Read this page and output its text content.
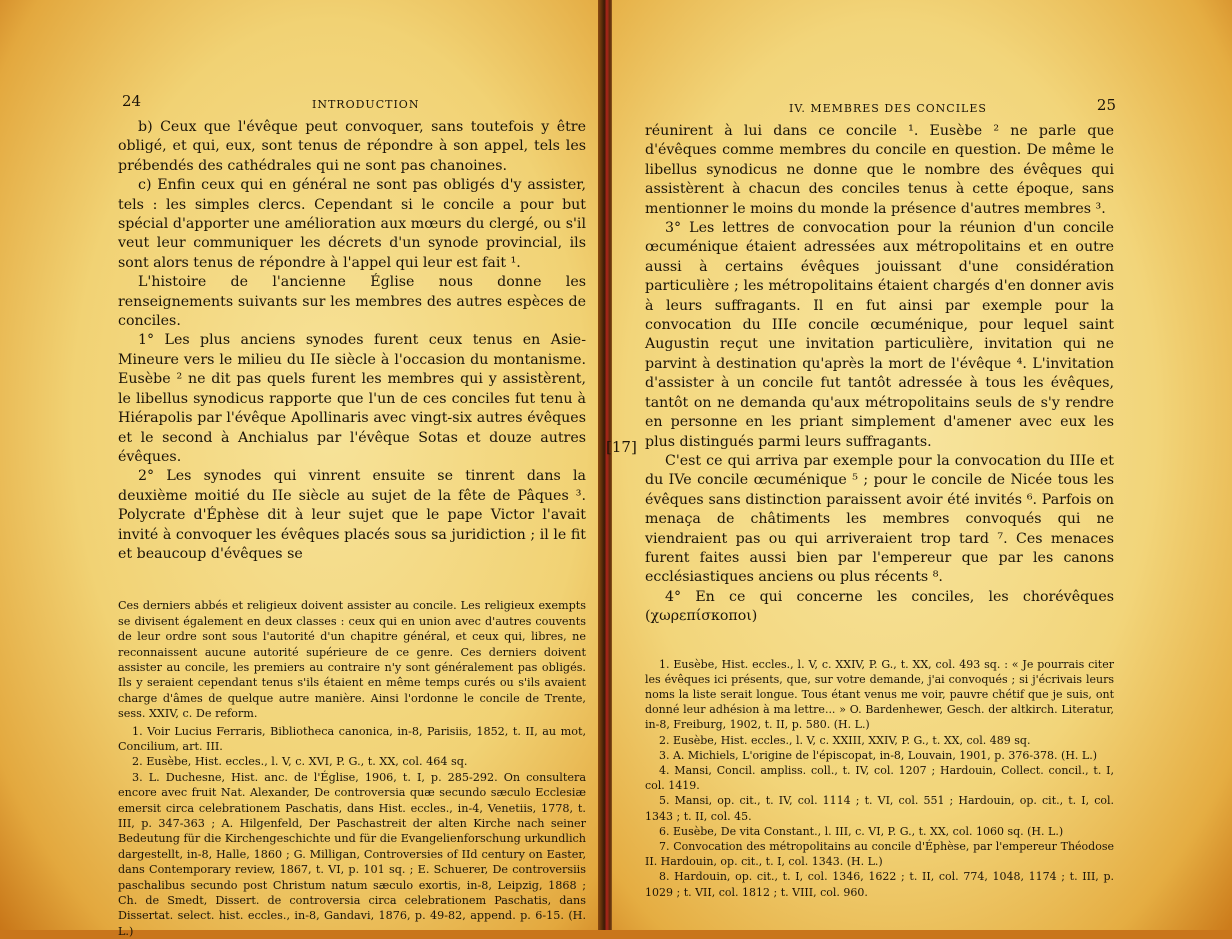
24	INTRODUCTION

b) Ceux que l'évêque peut convoquer, sans toutefois y être obligé, et qui, eux, sont tenus de répondre à son appel, tels les prébendés des cathédrales qui ne sont pas chanoines.

c) Enfin ceux qui en général ne sont pas obligés d'y assister, tels : les simples clercs. Cependant si le concile a pour but spécial d'apporter une amélioration aux mœurs du clergé, ou s'il veut leur communiquer les décrets d'un synode provincial, ils sont alors tenus de répondre à l'appel qui leur est fait ¹.

L'histoire de l'ancienne Église nous donne les renseignements suivants sur les membres des autres espèces de conciles.

1° Les plus anciens synodes furent ceux tenus en Asie-Mineure vers le milieu du IIe siècle à l'occasion du montanisme. Eusèbe ² ne dit pas quels furent les membres qui y assistèrent, le libellus synodicus rapporte que l'un de ces conciles fut tenu à Hiérapolis par l'évêque Apollinaris avec vingt-six autres évêques et le second à Anchialus par l'évêque Sotas et douze autres évêques.

2° Les synodes qui vinrent ensuite se tinrent dans la deuxième moitié du IIe siècle au sujet de la fête de Pâques ³. Polycrate d'Éphèse dit à leur sujet que le pape Victor l'avait invité à convoquer les évêques placés sous sa juridiction ; il le fit et beaucoup d'évêques se

Ces derniers abbés et religieux doivent assister au concile. Les religieux exempts se divisent également en deux classes : ceux qui en union avec d'autres couvents de leur ordre sont sous l'autorité d'un chapitre général, et ceux qui, libres, ne reconnaissent aucune autorité supérieure de ce genre. Ces derniers doivent assister au concile, les premiers au contraire n'y sont généralement pas obligés. Ils y seraient cependant tenus s'ils étaient en même temps curés ou s'ils avaient charge d'âmes de quelque autre manière. Ainsi l'ordonne le concile de Trente, sess. XXIV, c. De reform.

1. Voir Lucius Ferraris, Bibliotheca canonica, in-8, Parisiis, 1852, t. II, au mot, Concilium, art. III.

2. Eusèbe, Hist. eccles., l. V, c. XVI, P. G., t. XX, col. 464 sq.

3. L. Duchesne, Hist. anc. de l'Église, 1906, t. I, p. 285-292. On consultera encore avec fruit Nat. Alexander, De controversia quæ secundo sæculo Ecclesiæ emersit circa celebrationem Paschatis, dans Hist. eccles., in-4, Venetiis, 1778, t. III, p. 347-363 ; A. Hilgenfeld, Der Paschastreit der alten Kirche nach seiner Bedeutung für die Kirchengeschichte und für die Evangelienforschung urkundlich dargestellt, in-8, Halle, 1860 ; G. Milligan, Controversies of IId century on Easter, dans Contemporary review, 1867, t. VI, p. 101 sq. ; E. Schuerer, De controversiis paschalibus secundo post Christum natum sæculo exortis, in-8, Leipzig, 1868 ; Ch. de Smedt, Dissert. de controversia circa celebrationem Paschatis, dans Dissertat. select. hist. eccles., in-8, Gandavi, 1876, p. 49-82, append. p. 6-15. (H. L.)

IV. MEMBRES DES CONCILES	25

réunirent à lui dans ce concile ¹. Eusèbe ² ne parle que d'évêques comme membres du concile en question. De même le libellus synodicus ne donne que le nombre des évêques qui assistèrent à chacun des conciles tenus à cette époque, sans mentionner le moins du monde la présence d'autres membres ³.

3° Les lettres de convocation pour la réunion d'un concile œcuménique étaient adressées aux métropolitains et en outre aussi à certains évêques jouissant d'une considération particulière ; les métropolitains étaient chargés d'en donner avis à leurs suffragants. Il en fut ainsi par exemple pour la convocation du IIIe concile œcuménique, pour lequel saint Augustin reçut une invitation particulière, invitation qui ne parvint à destination qu'après la mort de l'évêque ⁴. L'invitation d'assister à un concile fut tantôt adressée à tous les évêques, tantôt on ne demanda qu'aux métropolitains seuls de s'y rendre en personne en les priant simplement d'amener avec eux les plus distingués parmi leurs suffragants.

C'est ce qui arriva par exemple pour la convocation du IIIe et du IVe concile œcuménique ⁵ ; pour le concile de Nicée tous les évêques sans distinction paraissent avoir été invités ⁶. Parfois on menaça de châtiments les membres convoqués qui ne viendraient pas ou qui arriveraient trop tard ⁷. Ces menaces furent faites aussi bien par l'empereur que par les canons ecclésiastiques anciens ou plus récents ⁸.

4° En ce qui concerne les conciles, les chorévêques (χωρεπίσκοποι)

1. Eusèbe, Hist. eccles., l. V, c. XXIV, P. G., t. XX, col. 493 sq. : « Je pourrais citer les évêques ici présents, que, sur votre demande, j'ai convoqués ; si j'écrivais leurs noms la liste serait longue. Tous étant venus me voir, pauvre chétif que je suis, ont donné leur adhésion à ma lettre... » O. Bardenhewer, Gesch. der altkirch. Literatur, in-8, Freiburg, 1902, t. II, p. 580. (H. L.)

2. Eusèbe, Hist. eccles., l. V, c. XXIII, XXIV, P. G., t. XX, col. 489 sq.

3. A. Michiels, L'origine de l'épiscopat, in-8, Louvain, 1901, p. 376-378. (H. L.)

4. Mansi, Concil. ampliss. coll., t. IV, col. 1207 ; Hardouin, Collect. concil., t. I, col. 1419.

5. Mansi, op. cit., t. IV, col. 1114 ; t. VI, col. 551 ; Hardouin, op. cit., t. I, col. 1343 ; t. II, col. 45.

6. Eusèbe, De vita Constant., l. III, c. VI, P. G., t. XX, col. 1060 sq. (H. L.)

7. Convocation des métropolitains au concile d'Éphèse, par l'empereur Théodose II. Hardouin, op. cit., t. I, col. 1343. (H. L.)

8. Hardouin, op. cit., t. I, col. 1346, 1622 ; t. II, col. 774, 1048, 1174 ; t. III, p. 1029 ; t. VII, col. 1812 ; t. VIII, col. 960.

[17]
